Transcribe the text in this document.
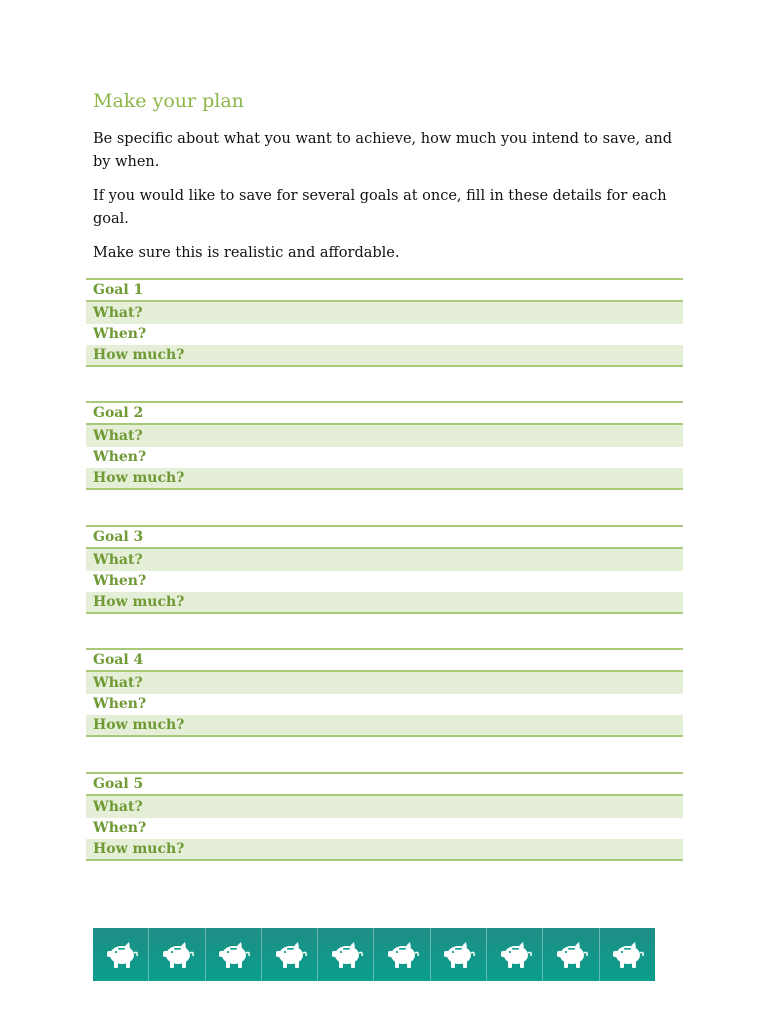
Make your plan

Be specific about what you want to achieve, how much you intend to save, and by when.

If you would like to save for several goals at once, fill in these details for each goal.

Make sure this is realistic and affordable.

Goal 1
What?
When?
How much?
Goal 2
What?
When?
How much?
Goal 3
What?
When?
How much?
Goal 4
What?
When?
How much?
Goal 5
What?
When?
How much?
